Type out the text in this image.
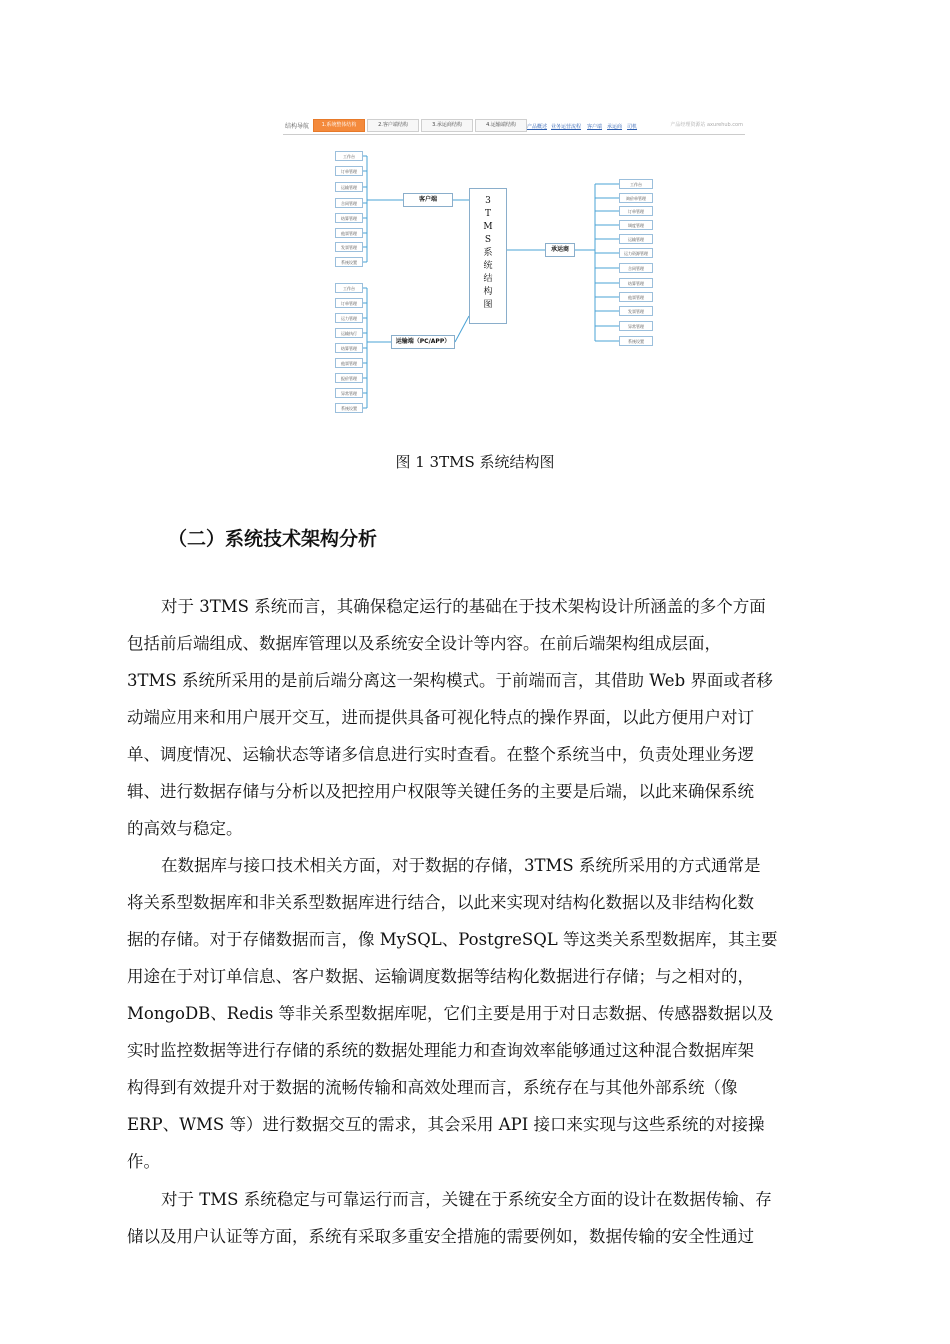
结构导航	1.系统整体结构	2.客户端结构	3.承运商结构	4.运输端结构	产品概述 业务运营流程 客户端 承运商 司机	产品经理资源站 axurehub.com
工作台
订单管理
运输管理
合同管理
结算管理
他票管理
发票管理
系统设置
客户端
工作台
订单管理
运力管理
运输执行
结算管理
他票管理
报价管理
异常管理
系统设置
运输端（PC/APP）
3
T
M
S
系
统
结
构
图
承运商
工作台
询价单管理
订单管理
调度管理
运输管理
运力资源管理
合同管理
结算管理
他票管理
发票管理
异常管理
系统设置
图 1 3TMS 系统结构图
（二）系统技术架构分析
对于 3TMS 系统而言，其确保稳定运行的基础在于技术架构设计所涵盖的多个方面
包括前后端组成、数据库管理以及系统安全设计等内容。在前后端架构组成层面，
3TMS 系统所采用的是前后端分离这一架构模式。于前端而言，其借助 Web 界面或者移
动端应用来和用户展开交互，进而提供具备可视化特点的操作界面，以此方便用户对订
单、调度情况、运输状态等诸多信息进行实时查看。在整个系统当中，负责处理业务逻
辑、进行数据存储与分析以及把控用户权限等关键任务的主要是后端，以此来确保系统
的高效与稳定。
在数据库与接口技术相关方面，对于数据的存储，3TMS 系统所采用的方式通常是
将关系型数据库和非关系型数据库进行结合，以此来实现对结构化数据以及非结构化数
据的存储。对于存储数据而言，像 MySQL、PostgreSQL 等这类关系型数据库，其主要
用途在于对订单信息、客户数据、运输调度数据等结构化数据进行存储；与之相对的，
MongoDB、Redis 等非关系型数据库呢，它们主要是用于对日志数据、传感器数据以及
实时监控数据等进行存储的系统的数据处理能力和查询效率能够通过这种混合数据库架
构得到有效提升对于数据的流畅传输和高效处理而言，系统存在与其他外部系统（像
ERP、WMS 等）进行数据交互的需求，其会采用 API 接口来实现与这些系统的对接操
作。
对于 TMS 系统稳定与可靠运行而言，关键在于系统安全方面的设计在数据传输、存
储以及用户认证等方面，系统有采取多重安全措施的需要例如，数据传输的安全性通过
